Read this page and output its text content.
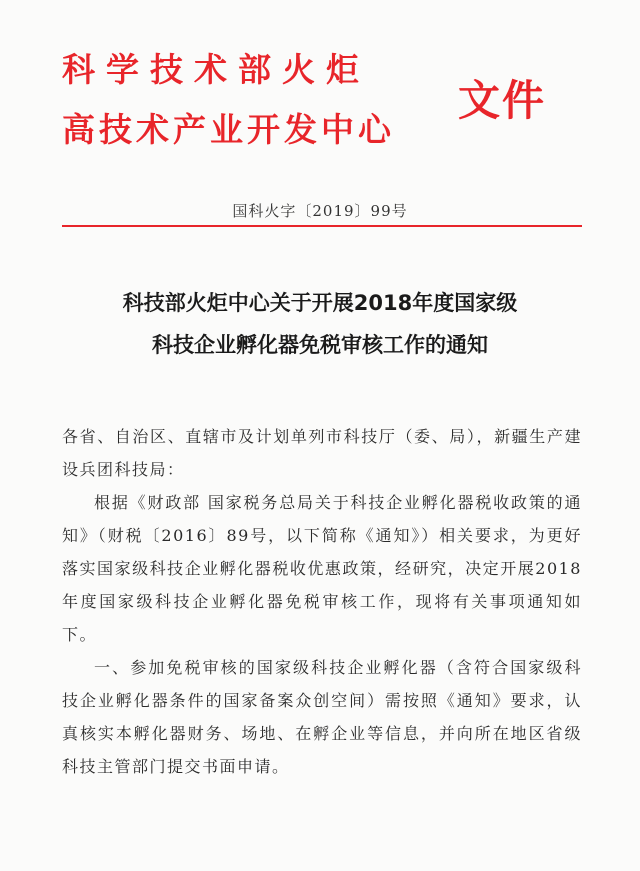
科学技术部火炬
高技术产业开发中心
文件
国科火字〔2019〕99号
科技部火炬中心关于开展2018年度国家级
科技企业孵化器免税审核工作的通知

各省、自治区、直辖市及计划单列市科技厅（委、局），新疆生产建设兵团科技局：

根据《财政部 国家税务总局关于科技企业孵化器税收政策的通知》（财税〔2016〕89号，以下简称《通知》）相关要求，为更好落实国家级科技企业孵化器税收优惠政策，经研究，决定开展2018年度国家级科技企业孵化器免税审核工作，现将有关事项通知如下。

一、参加免税审核的国家级科技企业孵化器（含符合国家级科技企业孵化器条件的国家备案众创空间）需按照《通知》要求，认真核实本孵化器财务、场地、在孵企业等信息，并向所在地区省级科技主管部门提交书面申请。
